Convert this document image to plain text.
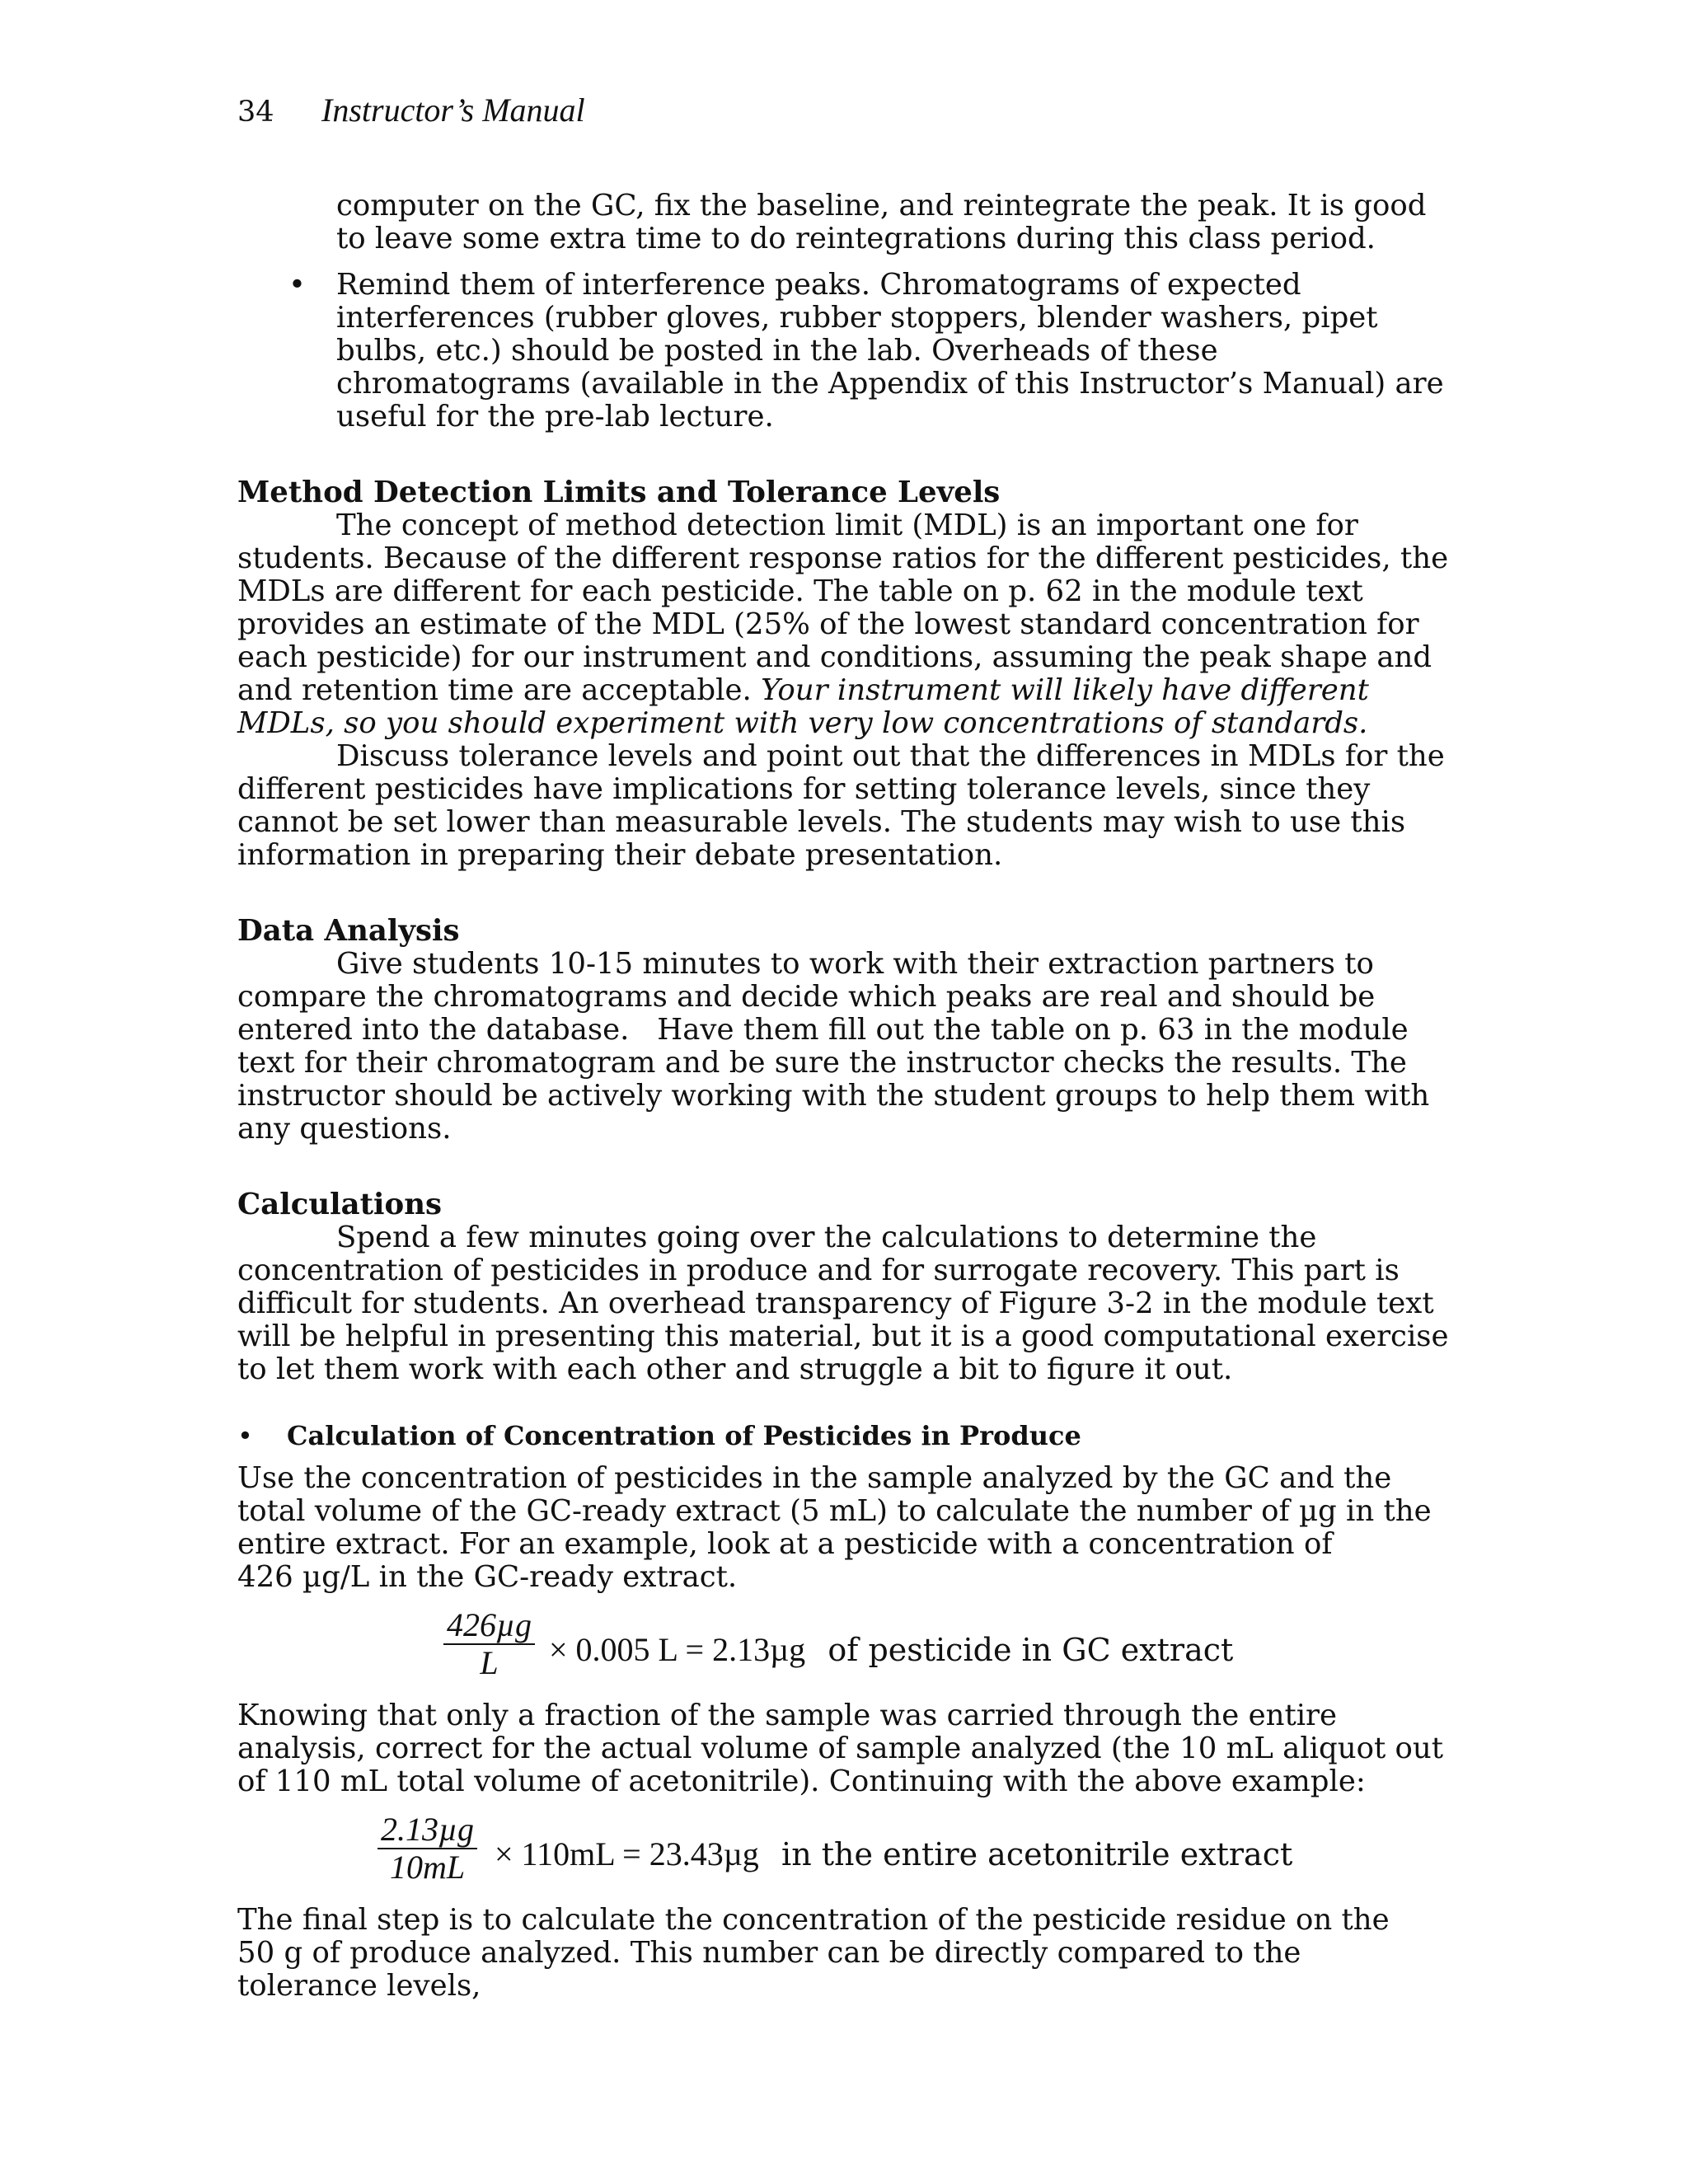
34 Instructor’s Manual

computer on the GC, fix the baseline, and reintegrate the peak. It is good to leave some extra time to do reintegrations during this class period.

• Remind them of interference peaks. Chromatograms of expected interferences (rubber gloves, rubber stoppers, blender washers, pipet bulbs, etc.) should be posted in the lab. Overheads of these chromatograms (available in the Appendix of this Instructor’s Manual) are useful for the pre-lab lecture.

Method Detection Limits and Tolerance Levels

The concept of method detection limit (MDL) is an important one for students. Because of the different response ratios for the different pesticides, the MDLs are different for each pesticide. The table on p. 62 in the module text provides an estimate of the MDL (25% of the lowest standard concentration for each pesticide) for our instrument and conditions, assuming the peak shape and and retention time are acceptable. Your instrument will likely have different MDLs, so you should experiment with very low concentrations of standards.

Discuss tolerance levels and point out that the differences in MDLs for the different pesticides have implications for setting tolerance levels, since they cannot be set lower than measurable levels. The students may wish to use this information in preparing their debate presentation.

Data Analysis

Give students 10-15 minutes to work with their extraction partners to compare the chromatograms and decide which peaks are real and should be entered into the database.   Have them fill out the table on p. 63 in the module text for their chromatogram and be sure the instructor checks the results. The instructor should be actively working with the student groups to help them with any questions.

Calculations

Spend a few minutes going over the calculations to determine the concentration of pesticides in produce and for surrogate recovery. This part is difficult for students. An overhead transparency of Figure 3-2 in the module text will be helpful in presenting this material, but it is a good computational exercise to let them work with each other and struggle a bit to figure it out.

• Calculation of Concentration of Pesticides in Produce

Use the concentration of pesticides in the sample analyzed by the GC and the total volume of the GC-ready extract (5 mL) to calculate the number of µg in the entire extract. For an example, look at a pesticide with a concentration of
426 µg/L in the GC-ready extract.

426µg
L	× 0.005 L = 2.13µg of pesticide in GC extract

Knowing that only a fraction of the sample was carried through the entire analysis, correct for the actual volume of sample analyzed (the 10 mL aliquot out of 110 mL total volume of acetonitrile). Continuing with the above example:

2.13µg
10mL × 110mL = 23.43µg in the entire acetonitrile extract

The final step is to calculate the concentration of the pesticide residue on the
50 g of produce analyzed. This number can be directly compared to the tolerance levels,
